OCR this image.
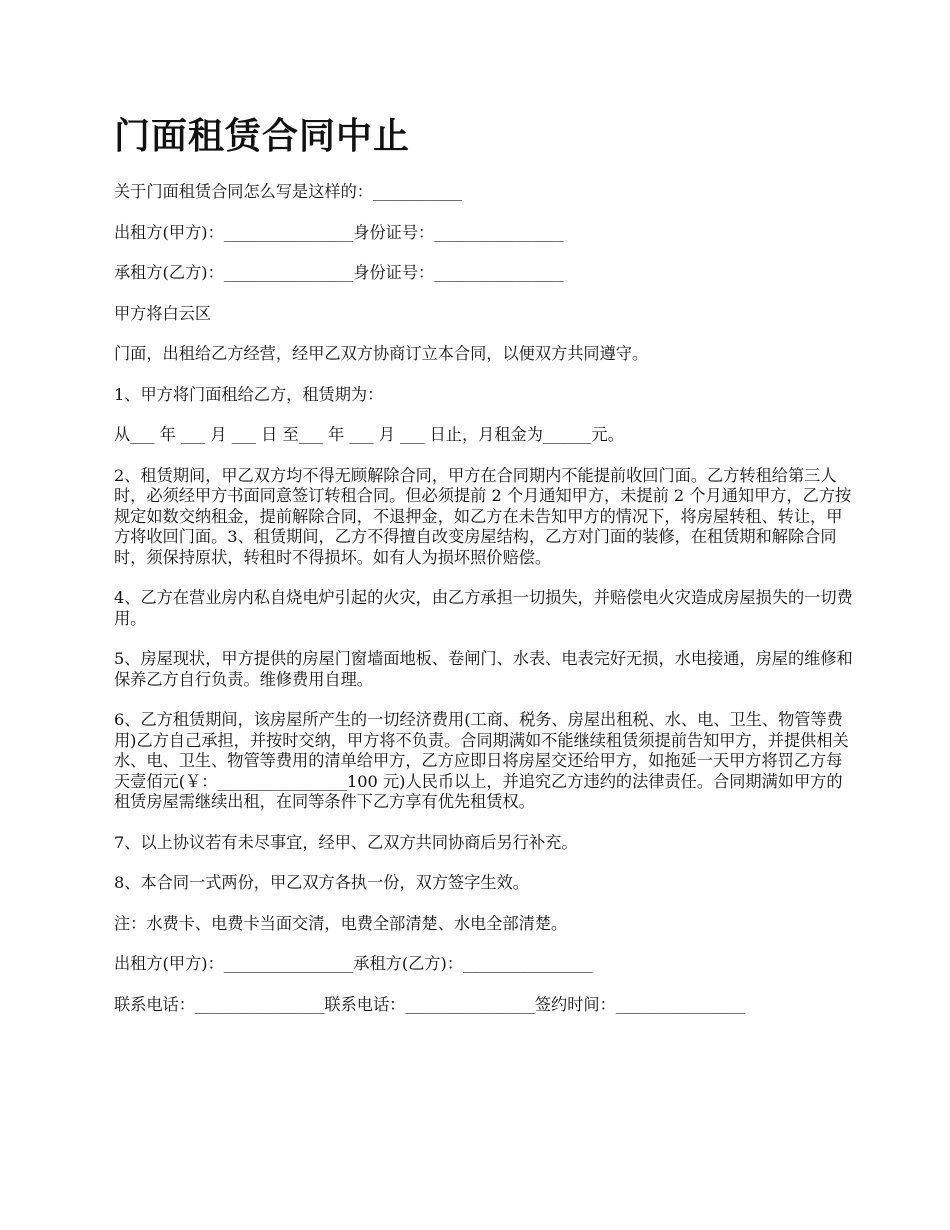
门面租赁合同中止

关于门面租赁合同怎么写是这样的：___________

出租方(甲方)：________________身份证号：________________

承租方(乙方)：________________身份证号：________________

甲方将白云区

门面，出租给乙方经营，经甲乙双方协商订立本合同，以便双方共同遵守。

1、甲方将门面租给乙方，租赁期为：

从___ 年 ___ 月 ___ 日 至___ 年 ___ 月 ___ 日止，月租金为______元。

2、租赁期间，甲乙双方均不得无顾解除合同，甲方在合同期内不能提前收回门面。乙方转租给第三人时，必须经甲方书面同意签订转租合同。但必须提前 2 个月通知甲方，未提前 2 个月通知甲方，乙方按规定如数交纳租金，提前解除合同，不退押金，如乙方在未告知甲方的情况下，将房屋转租、转让，甲方将收回门面。3、租赁期间，乙方不得擅自改变房屋结构，乙方对门面的装修，在租赁期和解除合同时，须保持原状，转租时不得损坏。如有人为损坏照价赔偿。

4、乙方在营业房内私自烧电炉引起的火灾，由乙方承担一切损失，并赔偿电火灾造成房屋损失的一切费用。

5、房屋现状，甲方提供的房屋门窗墙面地板、卷闸门、水表、电表完好无损，水电接通，房屋的维修和保养乙方自行负责。维修费用自理。

6、乙方租赁期间，该房屋所产生的一切经济费用(工商、税务、房屋出租税、水、电、卫生、物管等费用)乙方自己承担，并按时交纳，甲方将不负责。合同期满如不能继续租赁须提前告知甲方，并提供相关水、电、卫生、物管等费用的清单给甲方，乙方应即日将房屋交还给甲方，如拖延一天甲方将罚乙方每天壹佰元(￥：________________100 元)人民币以上，并追究乙方违约的法律责任。合同期满如甲方的租赁房屋需继续出租，在同等条件下乙方享有优先租赁权。

7、以上协议若有未尽事宜，经甲、乙双方共同协商后另行补充。

8、本合同一式两份，甲乙双方各执一份，双方签字生效。

注：水费卡、电费卡当面交清，电费全部清楚、水电全部清楚。

出租方(甲方)：________________承租方(乙方)：________________

联系电话：________________联系电话：________________签约时间：________________
